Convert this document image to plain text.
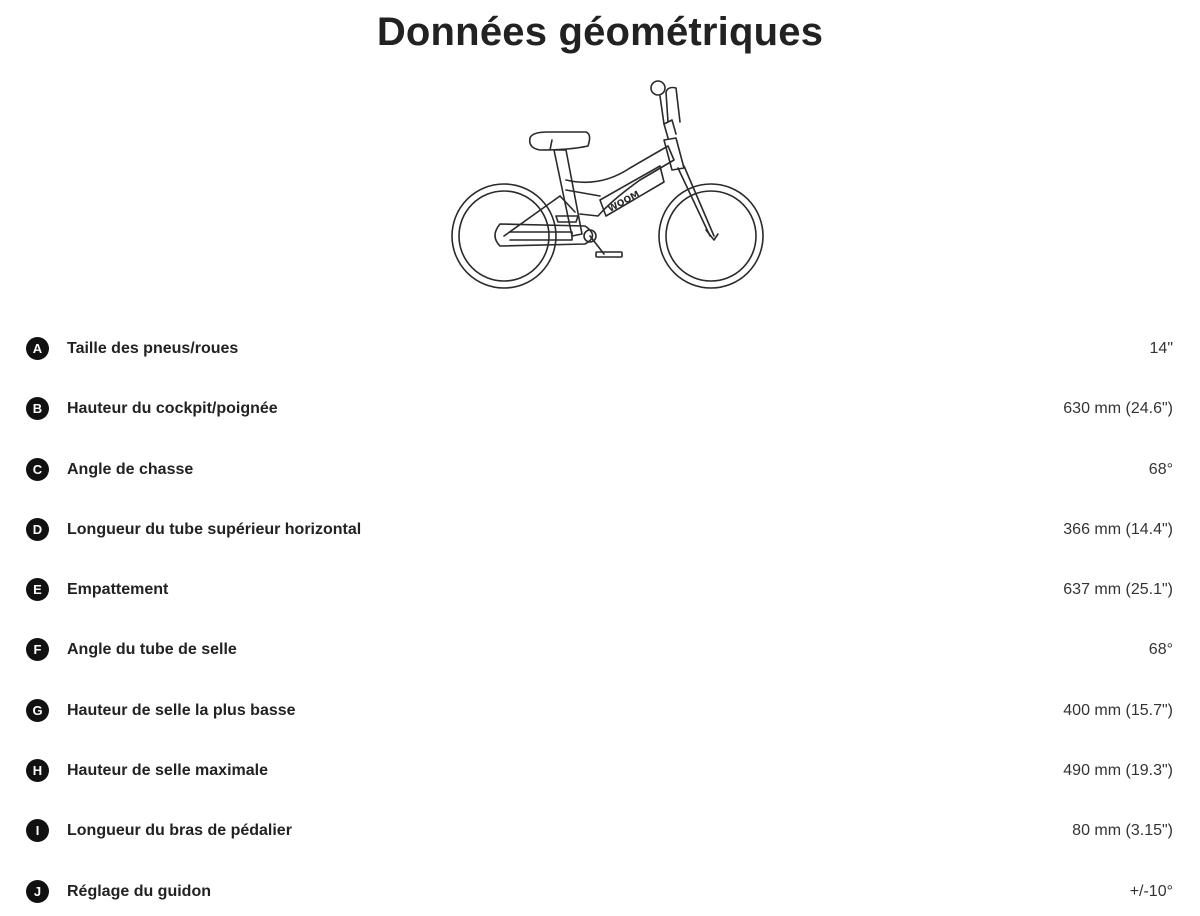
Données géométriques
WOOM
A	Taille des pneus/roues	14"
B	Hauteur du cockpit/poignée	630 mm (24.6")
C	Angle de chasse	68°
D	Longueur du tube supérieur horizontal	366 mm (14.4")
E	Empattement	637 mm (25.1")
F	Angle du tube de selle	68°
G	Hauteur de selle la plus basse	400 mm (15.7")
H	Hauteur de selle maximale	490 mm (19.3")
I	Longueur du bras de pédalier	80 mm (3.15")
J	Réglage du guidon	+/-10°
